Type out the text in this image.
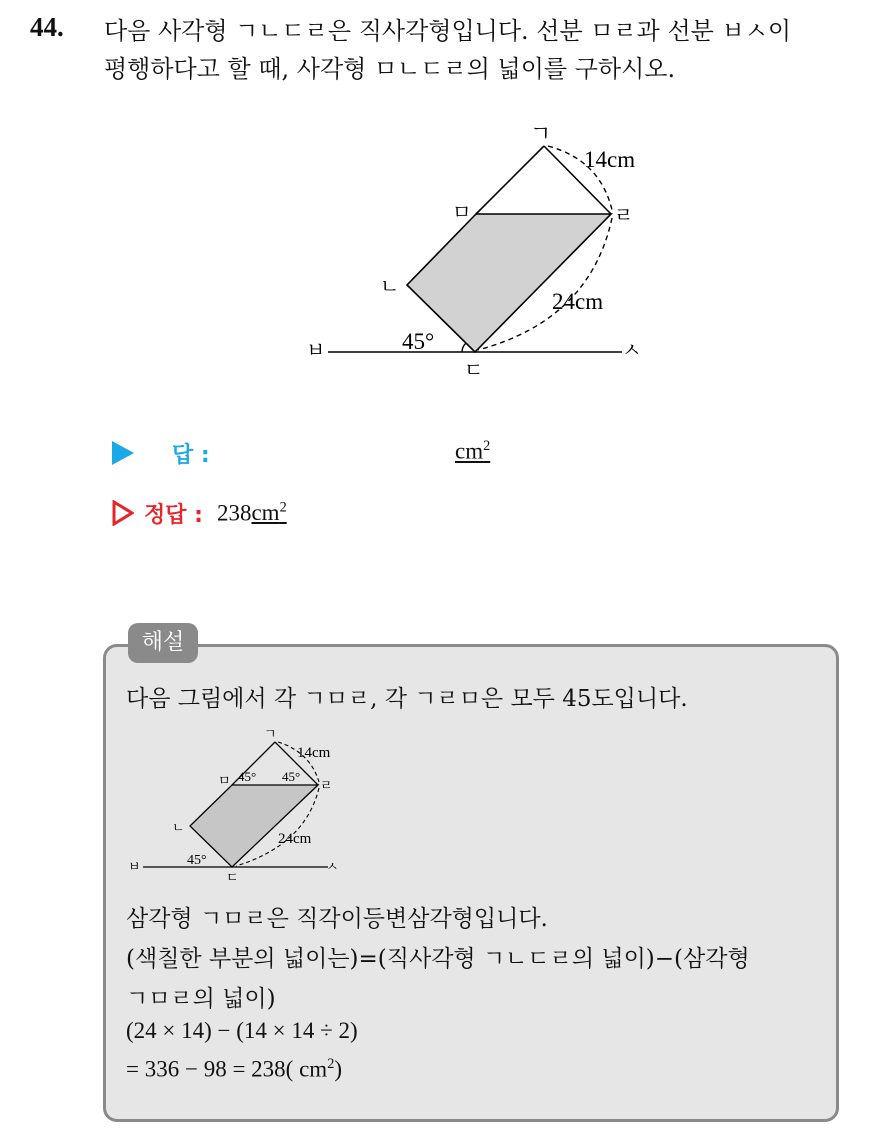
44. 다음 사각형 ㄱㄴㄷㄹ은 직사각형입니다. 선분 ㅁㄹ과 선분 ㅂㅅ이
평행하다고 할 때, 사각형 ㅁㄴㄷㄹ의 넓이를 구하시오.
ㄱ
14cm
ㅁ	ㄹ
ㄴ
24cm
45°
ㅂ	ㅅ
ㄷ
답 :	$cm^2$
정답 : $238cm^2$
해설
다음 그림에서 각 ㄱㅁㄹ, 각 ㄱㄹㅁ은 모두 45도입니다.
ㄱ
14cm
ㅁ 45° 45°
ㄹ
ㄴ
24cm
45°
ㅂ	ㅅ
ㄷ
삼각형 ㄱㅁㄹ은 직각이등변삼각형입니다.
(색칠한 부분의 넓이는)=(직사각형 ㄱㄴㄷㄹ의 넓이)−(삼각형
ㄱㅁㄹ의 넓이)
(24 × 14) − (14 × 14 ÷ 2)
= 336 − 98 = 238( $cm^2$)
